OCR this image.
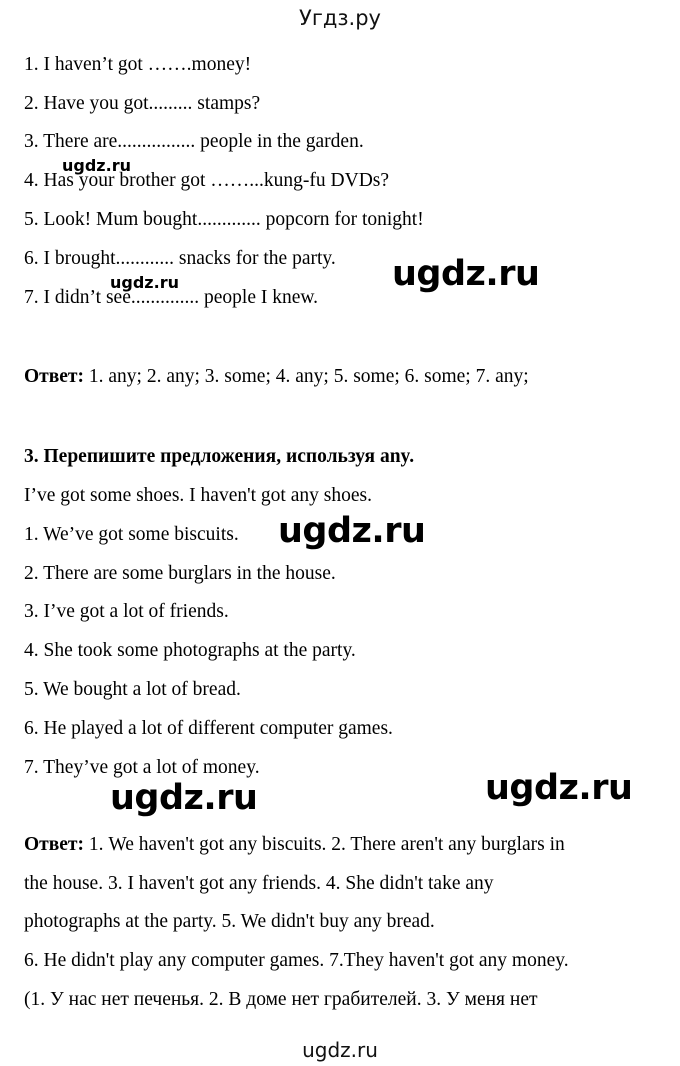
Угдз.ру
1. I haven’t got …….money!
2. Have you got......... stamps?
3. There are................ people in the garden.
4. Has your brother got ……...kung-fu DVDs?
5. Look! Mum bought............. popcorn for tonight!
6. I brought............ snacks for the party.
7. I didn’t see.............. people I knew.
Ответ: 1. any; 2. any; 3. some; 4. any; 5. some; 6. some; 7. any;
3. Перепишите предложения, используя any.
I’ve got some shoes. I haven't got any shoes.
1. We’ve got some biscuits.
2. There are some burglars in the house.
3. I’ve got a lot of friends.
4. She took some photographs at the party.
5. We bought a lot of bread.
6. He played a lot of different computer games.
7. They’ve got a lot of money.
Ответ: 1. We haven't got any biscuits. 2. There aren't any burglars in
the house. 3. I haven't got any friends. 4. She didn't take any
photographs at the party. 5. We didn't buy any bread.
6. He didn't play any computer games. 7.They haven't got any money.
(1. У нас нет печенья. 2. В доме нет грабителей. 3. У меня нет
ugdz.ru
ugdz.ru	ugdz.ru
ugdz.ru
ugdz.ru	ugdz.ru
ugdz.ru
